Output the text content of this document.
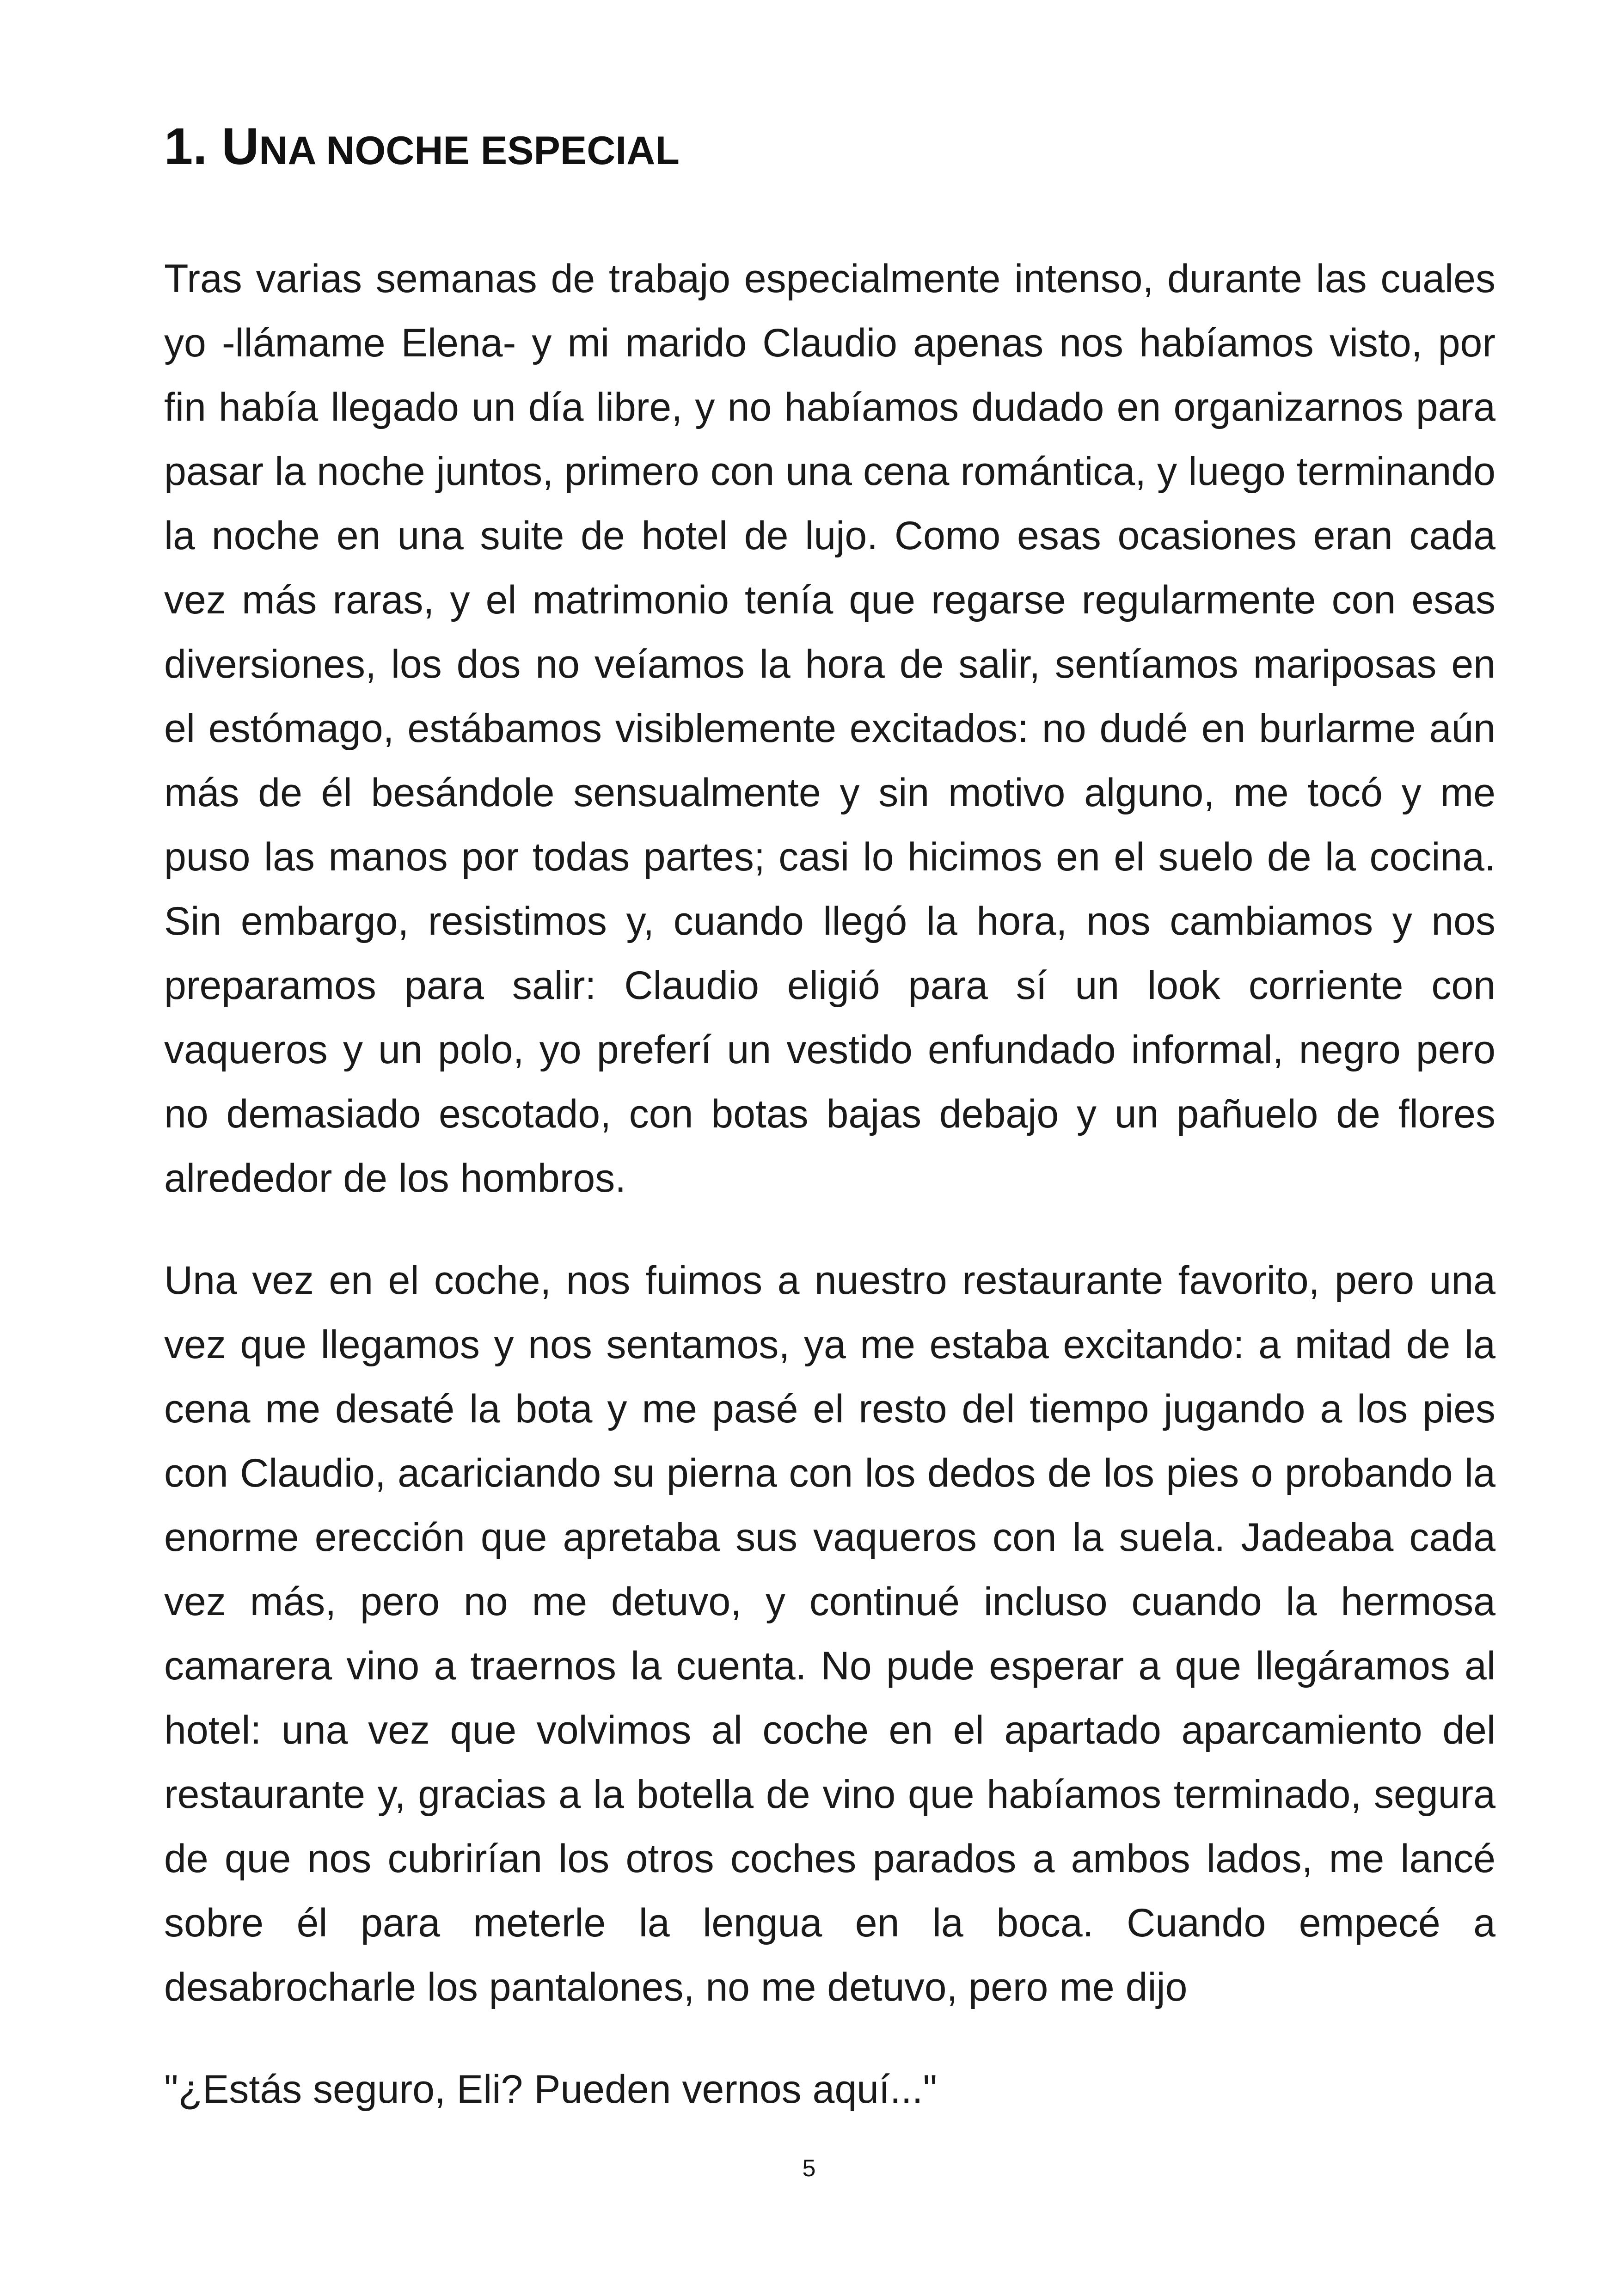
1. UNA NOCHE ESPECIAL

Tras varias semanas de trabajo especialmente intenso, durante las cuales yo -llámame Elena- y mi marido Claudio apenas nos habíamos visto, por fin había llegado un día libre, y no habíamos dudado en organizarnos para pasar la noche juntos, primero con una cena romántica, y luego terminando la noche en una suite de hotel de lujo. Como esas ocasiones eran cada vez más raras, y el matrimonio tenía que regarse regularmente con esas diversiones, los dos no veíamos la hora de salir, sentíamos mariposas en el estómago, estábamos visiblemente excitados: no dudé en burlarme aún más de él besándole sensualmente y sin motivo alguno, me tocó y me puso las manos por todas partes; casi lo hicimos en el suelo de la cocina. Sin embargo, resistimos y, cuando llegó la hora, nos cambiamos y nos preparamos para salir: Claudio eligió para sí un look corriente con vaqueros y un polo, yo preferí un vestido enfundado informal, negro pero no demasiado escotado, con botas bajas debajo y un pañuelo de flores alrededor de los hombros.

Una vez en el coche, nos fuimos a nuestro restaurante favorito, pero una vez que llegamos y nos sentamos, ya me estaba excitando: a mitad de la cena me desaté la bota y me pasé el resto del tiempo jugando a los pies con Claudio, acariciando su pierna con los dedos de los pies o probando la enorme erección que apretaba sus vaqueros con la suela. Jadeaba cada vez más, pero no me detuvo, y continué incluso cuando la hermosa camarera vino a traernos la cuenta. No pude esperar a que llegáramos al hotel: una vez que volvimos al coche en el apartado aparcamiento del restaurante y, gracias a la botella de vino que habíamos terminado, segura de que nos cubrirían los otros coches parados a ambos lados, me lancé sobre él para meterle la lengua en la boca. Cuando empecé a desabrocharle los pantalones, no me detuvo, pero me dijo

"¿Estás seguro, Eli? Pueden vernos aquí..."

5
